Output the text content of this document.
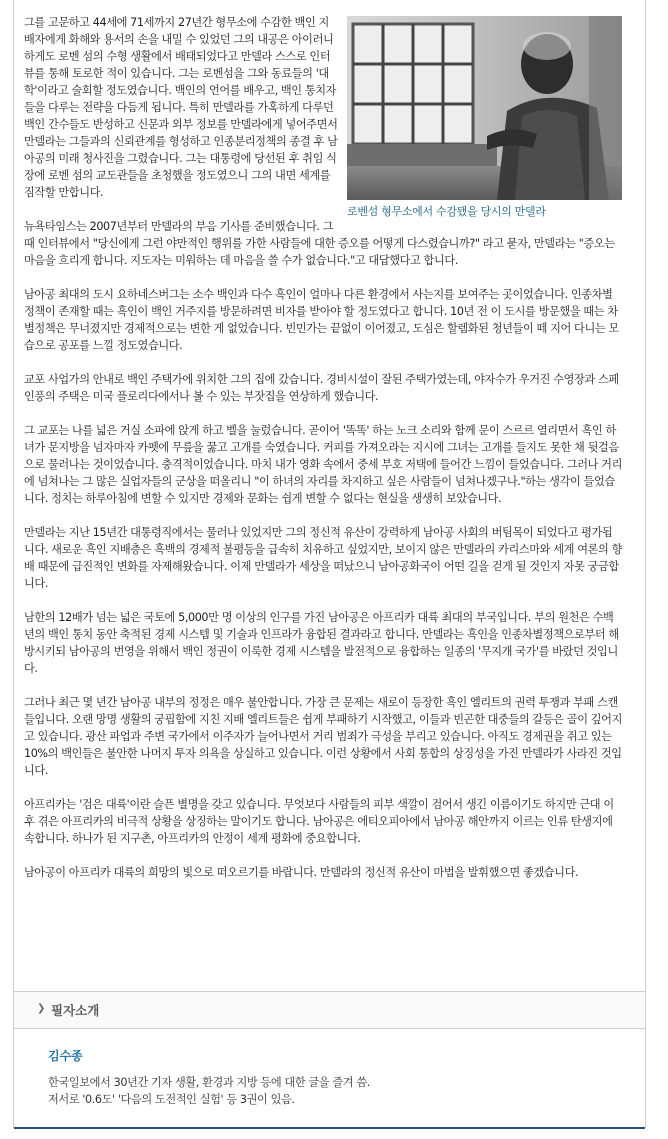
로벤섬 형무소에서 수감됐을 당시의 만델라

그를 고문하고 44세에 71세까지 27년간 형무소에 수감한 백인 지배자에게 화해와 용서의 손을 내밀 수 있었던 그의 내공은 아이러니하게도 로벤 섬의 수형 생활에서 배태되었다고 만델라 스스로 인터뷰를 통해 토로한 적이 있습니다. 그는 로벤섬을 그와 동료들의 '대학'이라고 술회할 정도였습니다. 백인의 언어를 배우고, 백인 통치자들을 다루는 전략을 다듬게 됩니다. 특히 만델라를 가혹하게 다루던 백인 간수들도 반성하고 신문과 외부 정보를 만델라에게 넣어주면서 만델라는 그들과의 신뢰관계를 형성하고 인종분리정책의 종결 후 남아공의 미래 청사진을 그렸습니다. 그는 대통령에 당선된 후 취임 식장에 로벤 섬의 교도관들을 초청했을 정도였으니 그의 내면 세계를 짐작할 만합니다.

뉴욕타임스는 2007년부터 만델라의 부음 기사를 준비했습니다. 그 때 인터뷰에서 "당신에게 그런 야만적인 행위를 가한 사람들에 대한 증오를 어떻게 다스렸습니까?" 라고 묻자, 만델라는 "증오는 마음을 흐리게 합니다. 지도자는 미워하는 데 마음을 쓸 수가 없습니다."고 대답했다고 합니다.

남아공 최대의 도시 요하네스버그는 소수 백인과 다수 흑인이 얼마나 다른 환경에서 사는지를 보여주는 곳이었습니다. 인종차별정책이 존재할 때는 흑인이 백인 거주지를 방문하려면 비자를 받아야 할 정도였다고 합니다. 10년 전 이 도시를 방문했을 때는 차별정책은 무너졌지만 경제적으로는 변한 게 없었습니다. 빈민가는 끝없이 이어졌고, 도심은 할렘화된 청년들이 떼 지어 다니는 모습으로 공포를 느낄 정도였습니다.

교포 사업가의 안내로 백인 주택가에 위치한 그의 집에 갔습니다. 경비시설이 잘된 주택가였는데, 야자수가 우거진 수영장과 스페인풍의 주택은 미국 플로리다에서나 볼 수 있는 부잣집을 연상하게 했습니다.

그 교포는 나를 넓은 거실 소파에 앉게 하고 벨을 눌렀습니다. 곧이어 '똑똑' 하는 노크 소리와 함께 문이 스르르 열리면서 흑인 하녀가 문지방을 넘자마자 카펫에 무릎을 꿇고 고개를 숙였습니다. 커피를 가져오라는 지시에 그녀는 고개를 들지도 못한 채 뒷걸음으로 물러나는 것이었습니다. 충격적이었습니다. 마치 내가 영화 속에서 중세 부호 저택에 들어간 느낌이 들었습니다. 그러나 거리에 넘쳐나는 그 많은 실업자들의 군상을 떠올리니 "이 하녀의 자리를 차지하고 싶은 사람들이 넘쳐나겠구나."하는 생각이 들었습니다. 정치는 하루아침에 변할 수 있지만 경제와 문화는 쉽게 변할 수 없다는 현실을 생생히 보았습니다.

만델라는 지난 15년간 대통령직에서는 물러나 있었지만 그의 정신적 유산이 강력하게 남아공 사회의 버팀목이 되었다고 평가됩니다. 새로운 흑인 지배층은 흑백의 경제적 불평등을 급속히 치유하고 싶었지만, 보이지 않은 만델라의 카리스마와 세계 여론의 향배 때문에 급진적인 변화를 자제해왔습니다. 이제 만델라가 세상을 떠났으니 남아공화국이 어떤 길을 걷게 될 것인지 자못 궁금합니다.

남한의 12배가 넘는 넓은 국토에 5,000만 명 이상의 인구를 가진 남아공은 아프리카 대륙 최대의 부국입니다. 부의 원천은 수백 년의 백인 통치 동안 축적된 경제 시스템 및 기술과 인프라가 융합된 결과라고 합니다. 만델라는 흑인을 인종차별정책으로부터 해방시키되 남아공의 번영을 위해서 백인 정권이 이룩한 경제 시스템을 발전적으로 융합하는 일종의 '무지개 국가'를 바랐던 것입니다.

그러나 최근 몇 년간 남아공 내부의 정정은 매우 불안합니다. 가장 큰 문제는 새로이 등장한 흑인 엘리트의 권력 투쟁과 부패 스캔들입니다. 오랜 망명 생활의 궁핍함에 지친 지배 엘리트들은 쉽게 부패하기 시작했고, 이들과 빈곤한 대중들의 갈등은 골이 깊어지고 있습니다. 광산 파업과 주변 국가에서 이주자가 늘어나면서 거리 범죄가 극성을 부리고 있습니다. 아직도 경제권을 쥐고 있는 10%의 백인들은 불안한 나머지 투자 의욕을 상실하고 있습니다. 이런 상황에서 사회 통합의 상징성을 가진 만델라가 사라진 것입니다.

아프리카는 '검은 대륙'이란 슬픈 별명을 갖고 있습니다. 무엇보다 사람들의 피부 색깔이 검어서 생긴 이름이기도 하지만 근대 이후 겪은 아프리카의 비극적 상황을 상징하는 말이기도 합니다. 남아공은 에티오피아에서 남아공 해안까지 이르는 인류 탄생지에 속합니다. 하나가 된 지구촌, 아프리카의 안정이 세계 평화에 중요합니다.

남아공이 아프리카 대륙의 희망의 빛으로 떠오르기를 바랍니다. 만델라의 정신적 유산이 마법을 발휘했으면 좋겠습니다.

❯ 필자소개
김수종
한국일보에서 30년간 기자 생활, 환경과 지방 등에 대한 글을 즐겨 씀.
저서로 '0.6도' '다음의 도전적인 실험' 등 3권이 있음.
